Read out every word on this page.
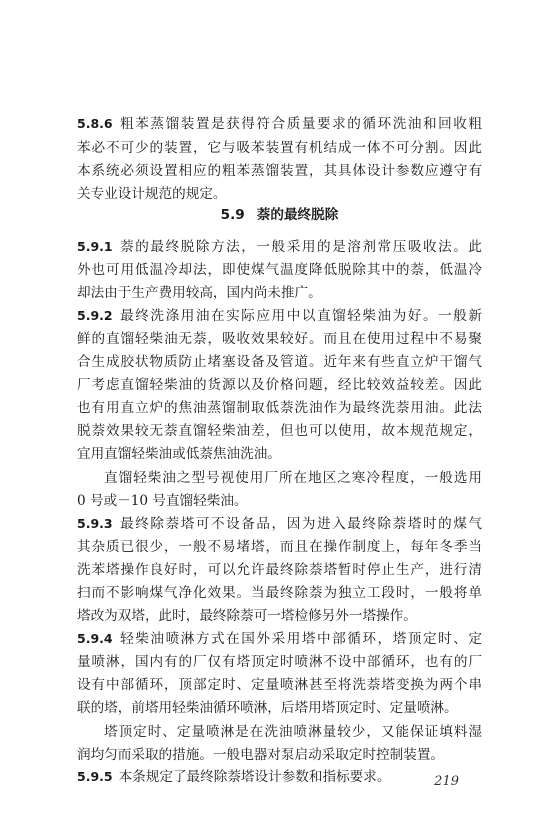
5.8.6 粗苯蒸馏装置是获得符合质量要求的循环洗油和回收粗
苯必不可少的装置，它与吸苯装置有机结成一体不可分割。因此
本系统必须设置相应的粗苯蒸馏装置，其具体设计参数应遵守有
关专业设计规范的规定。
5.9 萘的最终脱除
5.9.1 萘的最终脱除方法，一般采用的是溶剂常压吸收法。此
外也可用低温冷却法，即使煤气温度降低脱除其中的萘，低温冷
却法由于生产费用较高，国内尚未推广。
5.9.2 最终洗涤用油在实际应用中以直馏轻柴油为好。一般新
鲜的直馏轻柴油无萘，吸收效果较好。而且在使用过程中不易聚
合生成胶状物质防止堵塞设备及管道。近年来有些直立炉干馏气
厂考虑直馏轻柴油的货源以及价格问题，经比较效益较差。因此
也有用直立炉的焦油蒸馏制取低萘洗油作为最终洗萘用油。此法
脱萘效果较无萘直馏轻柴油差，但也可以使用，故本规范规定，
宜用直馏轻柴油或低萘焦油洗油。
直馏轻柴油之型号视使用厂所在地区之寒冷程度，一般选用
0 号或－10 号直馏轻柴油。
5.9.3 最终除萘塔可不设备品，因为进入最终除萘塔时的煤气
其杂质已很少，一般不易堵塔，而且在操作制度上，每年冬季当
洗苯塔操作良好时，可以允许最终除萘塔暂时停止生产，进行清
扫而不影响煤气净化效果。当最终除萘为独立工段时，一般将单
塔改为双塔，此时，最终除萘可一塔检修另外一塔操作。
5.9.4 轻柴油喷淋方式在国外采用塔中部循环，塔顶定时、定
量喷淋，国内有的厂仅有塔顶定时喷淋不设中部循环，也有的厂
设有中部循环，顶部定时、定量喷淋甚至将洗萘塔变换为两个串
联的塔，前塔用轻柴油循环喷淋，后塔用塔顶定时、定量喷淋。
塔顶定时、定量喷淋是在洗油喷淋量较少，又能保证填料湿
润均匀而采取的措施。一般电器对泵启动采取定时控制装置。
5.9.5 本条规定了最终除萘塔设计参数和指标要求。	219
